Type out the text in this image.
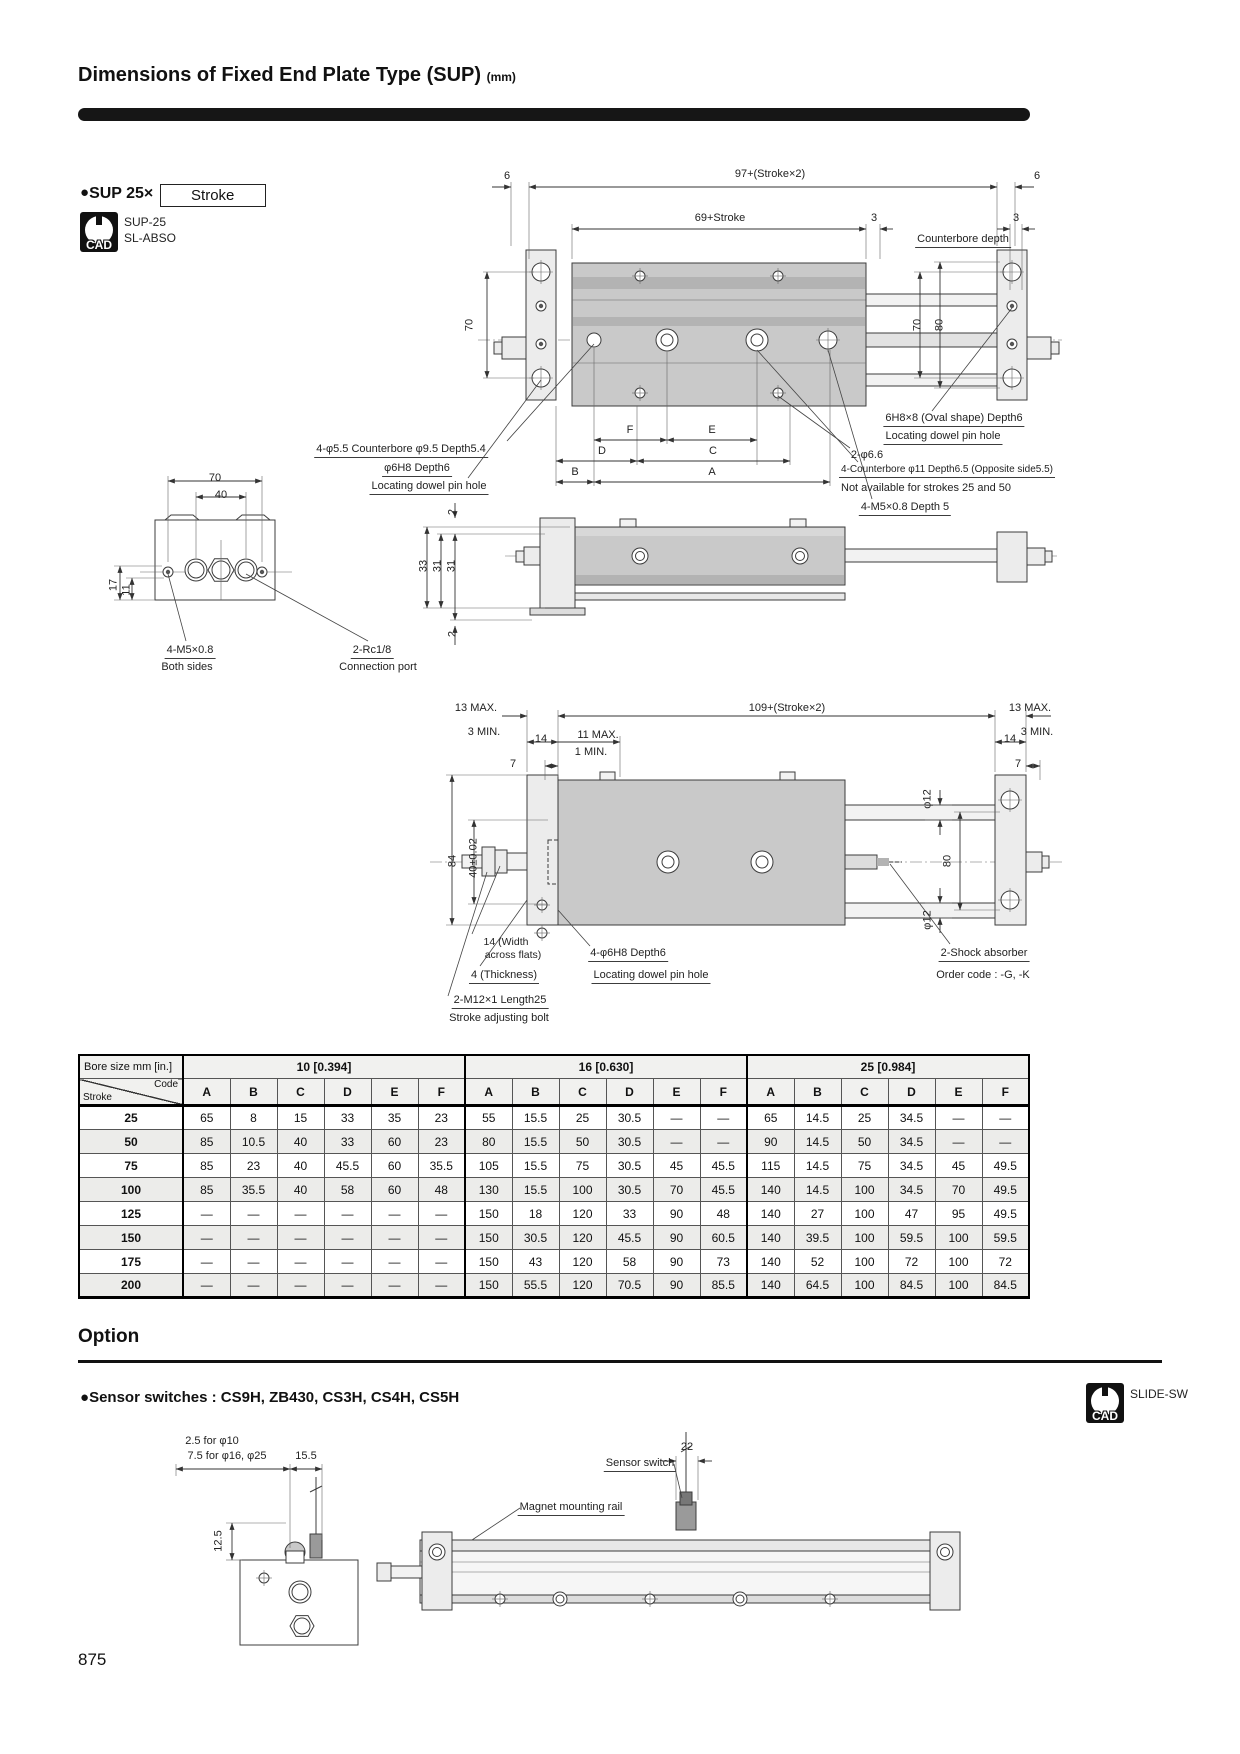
Dimensions of Fixed End Plate Type (SUP) (mm)
●SUP 25×	Stroke
CAD
SUP-25
SL-ABSO
6	97+(Stroke×2)	6
69+Stroke	3	3
Counterbore depth
70	70 80
F	E
D	C
B	A
4-φ5.5 Counterbore φ9.5 Depth5.4
φ6H8 Depth6
Locating dowel pin hole
6H8×8 (Oval shape) Depth6
Locating dowel pin hole
2-φ6.6
4-Counterbore φ11 Depth6.5 (Opposite side5.5)
Not available for strokes 25 and 50
4-M5×0.8 Depth 5
70
40
17 11
4-M5×0.8
Both sides
2-Rc1/8
Connection port
2
33 31 31
2
13 MAX.
3 MIN.
14	11 MAX.
1 MIN.
7
109+(Stroke×2)	13 MAX.
3 MIN.
14
7
84 40±0.02
φ12
80
φ12
14 (Width
across flats)
4 (Thickness)
2-M12×1 Length25
Stroke adjusting bolt
4-φ6H8 Depth6
Locating dowel pin hole
2-Shock absorber
Order code : -G, -K
2.5 for φ10
7.5 for φ16, φ25	15.5
12.5
Sensor switch
22
Magnet mounting rail
Bore size mm [in.]	10 [0.394]						16 [0.630]						25 [0.984]					

Code
Stroke	A	B	C	D	E	F	A	B	C	D	E	F	A	B	C	D	E	F
25	65	8	15	33	35	23	55	15.5	25	30.5	—	—	65	14.5	25	34.5	—	—
50	85	10.5	40	33	60	23	80	15.5	50	30.5	—	—	90	14.5	50	34.5	—	—
75	85	23	40	45.5	60	35.5	105	15.5	75	30.5	45	45.5	115	14.5	75	34.5	45	49.5
100	85	35.5	40	58	60	48	130	15.5	100	30.5	70	45.5	140	14.5	100	34.5	70	49.5
125	—	—	—	—	—	—	150	18	120	33	90	48	140	27	100	47	95	49.5
150	—	—	—	—	—	—	150	30.5	120	45.5	90	60.5	140	39.5	100	59.5	100	59.5
175	—	—	—	—	—	—	150	43	120	58	90	73	140	52	100	72	100	72
200	—	—	—	—	—	—	150	55.5	120	70.5	90	85.5	140	64.5	100	84.5	100	84.5
Option
●Sensor switches : CS9H, ZB430, CS3H, CS4H, CS5H
CAD
SLIDE-SW
875
